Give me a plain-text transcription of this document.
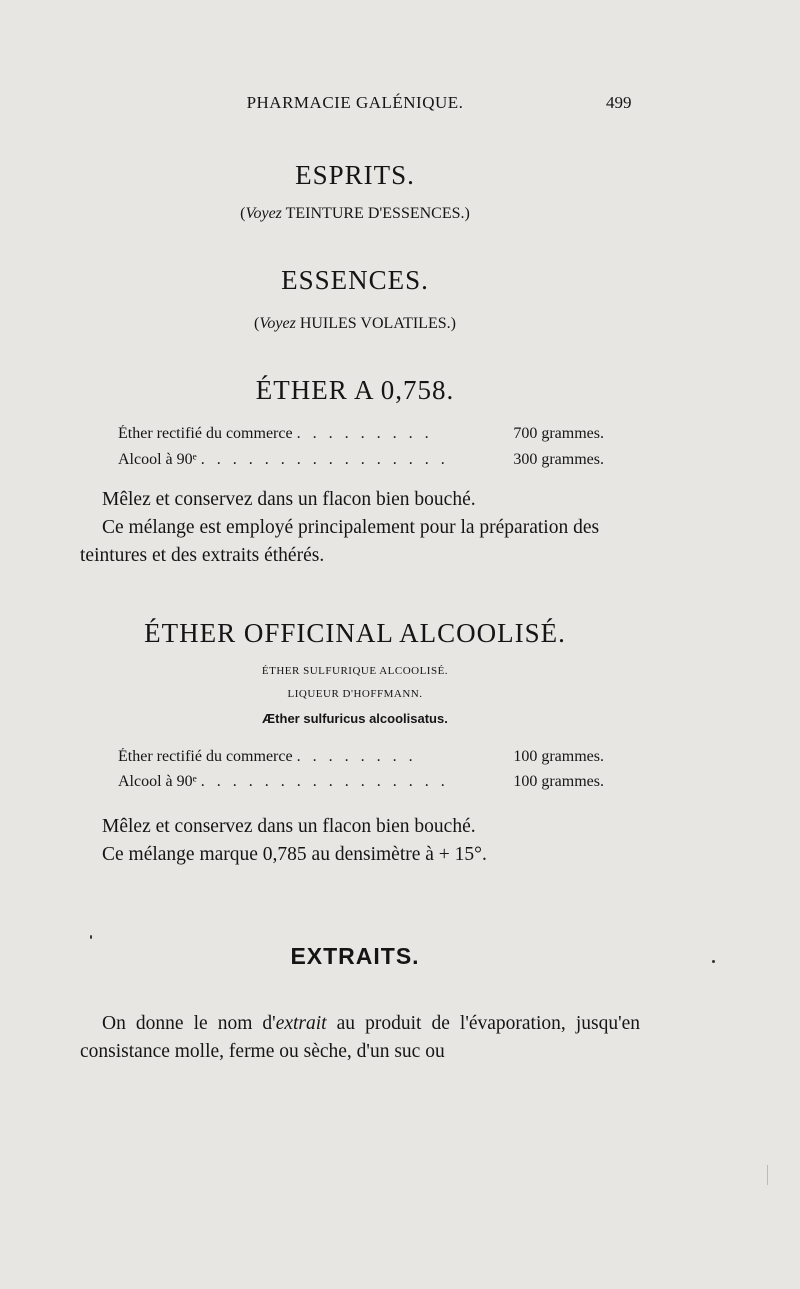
PHARMACIE GALÉNIQUE.	499
ESPRITS.
(Voyez TEINTURE D'ESSENCES.)
ESSENCES.
(Voyez HUILES VOLATILES.)
ÉTHER A 0,758.
Éther rectifié du commerce . . . . . . . . .	700 grammes.
Alcool à 90ᵉ . . . . . . . . . . . . . . . .	300 grammes.

Mêlez et conservez dans un flacon bien bouché.

Ce mélange est employé principalement pour la préparation des teintures et des extraits éthérés.

ÉTHER OFFICINAL ALCOOLISÉ.
ÉTHER SULFURIQUE ALCOOLISÉ.
LIQUEUR D'HOFFMANN.
Æther sulfuricus alcoolisatus.
Éther rectifié du commerce . . . . . . . .	100 grammes.
Alcool à 90ᵉ . . . . . . . . . . . . . . . .	100 grammes.

Mêlez et conservez dans un flacon bien bouché.

Ce mélange marque 0,785 au densimètre à + 15°.

EXTRAITS.

On donne le nom d'extrait au produit de l'évaporation, jusqu'en consistance molle, ferme ou sèche, d'un suc ou
